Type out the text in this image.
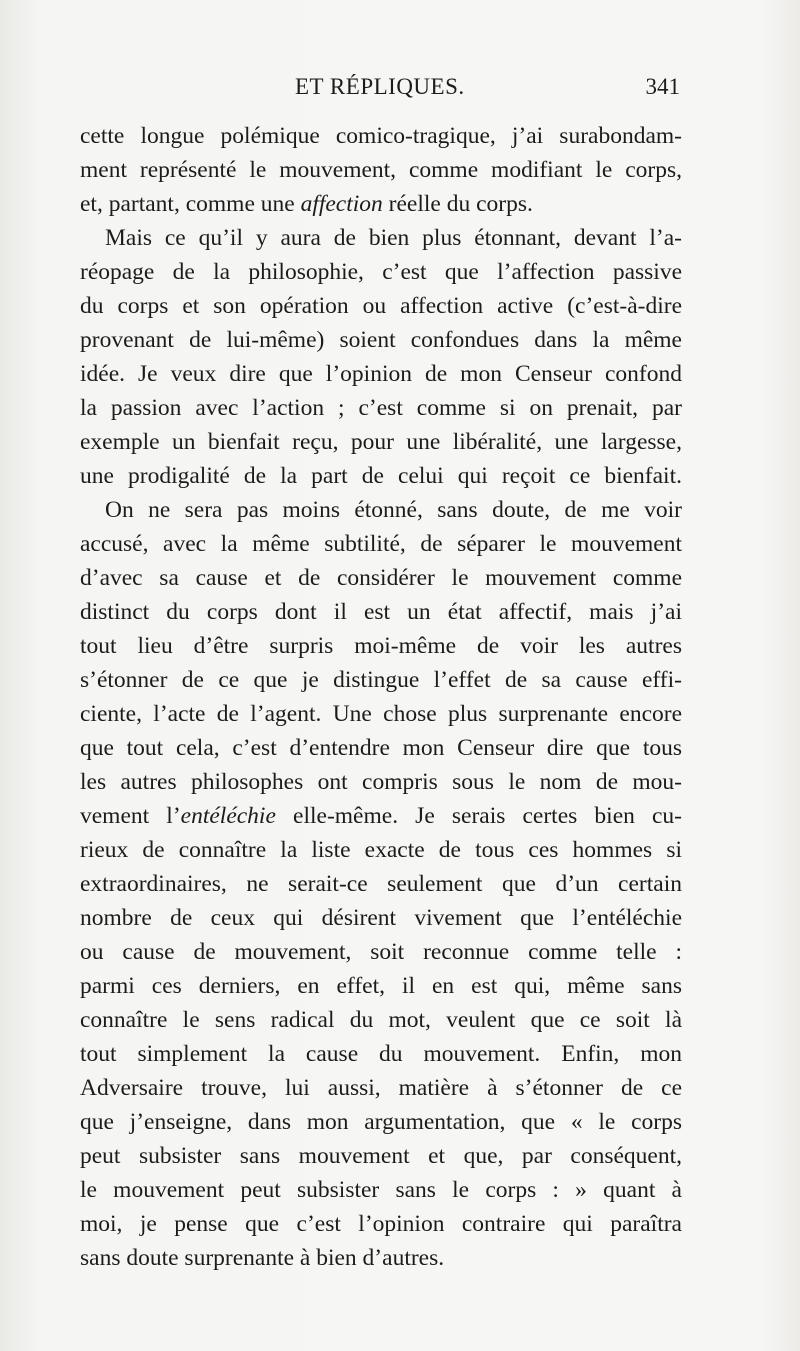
ET RÉPLIQUES.	341
cette longue polémique comico-tragique, j’ai surabondam-
ment représenté le mouvement, comme modifiant le corps,
et, partant, comme une affection réelle du corps.
Mais ce qu’il y aura de bien plus étonnant, devant l’a-
réopage de la philosophie, c’est que l’affection passive
du corps et son opération ou affection active (c’est-à-dire
provenant de lui-même) soient confondues dans la même
idée. Je veux dire que l’opinion de mon Censeur confond
la passion avec l’action ; c’est comme si on prenait, par
exemple un bienfait reçu, pour une libéralité, une largesse,
une prodigalité de la part de celui qui reçoit ce bienfait.
On ne sera pas moins étonné, sans doute, de me voir
accusé, avec la même subtilité, de séparer le mouvement
d’avec sa cause et de considérer le mouvement comme
distinct du corps dont il est un état affectif, mais j’ai
tout lieu d’être surpris moi-même de voir les autres
s’étonner de ce que je distingue l’effet de sa cause effi-
ciente, l’acte de l’agent. Une chose plus surprenante encore
que tout cela, c’est d’entendre mon Censeur dire que tous
les autres philosophes ont compris sous le nom de mou-
vement l’entéléchie elle-même. Je serais certes bien cu-
rieux de connaître la liste exacte de tous ces hommes si
extraordinaires, ne serait-ce seulement que d’un certain
nombre de ceux qui désirent vivement que l’entéléchie
ou cause de mouvement, soit reconnue comme telle :
parmi ces derniers, en effet, il en est qui, même sans
connaître le sens radical du mot, veulent que ce soit là
tout simplement la cause du mouvement. Enfin, mon
Adversaire trouve, lui aussi, matière à s’étonner de ce
que j’enseigne, dans mon argumentation, que « le corps
peut subsister sans mouvement et que, par conséquent,
le mouvement peut subsister sans le corps : » quant à
moi, je pense que c’est l’opinion contraire qui paraîtra
sans doute surprenante à bien d’autres.
